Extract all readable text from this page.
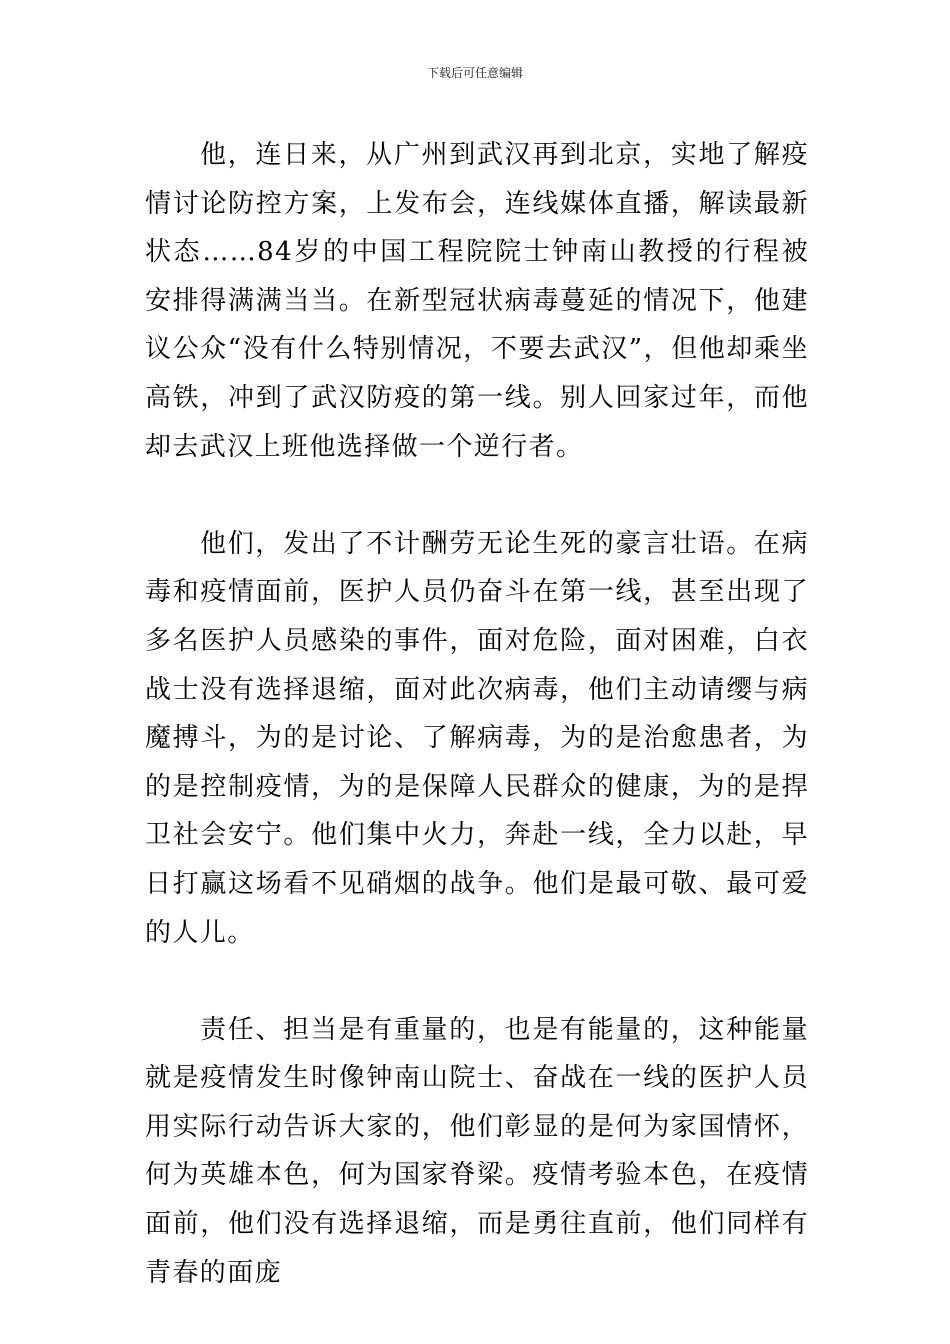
下载后可任意编辑

他，连日来，从广州到武汉再到北京，实地了解疫情讨论防控方案，上发布会，连线媒体直播，解读最新状态……84岁的中国工程院院士钟南山教授的行程被安排得满满当当。在新型冠状病毒蔓延的情况下，他建议公众“没有什么特别情况，不要去武汉”，但他却乘坐高铁，冲到了武汉防疫的第一线。别人回家过年，而他却去武汉上班他选择做一个逆行者。

他们，发出了不计酬劳无论生死的豪言壮语。在病毒和疫情面前，医护人员仍奋斗在第一线，甚至出现了多名医护人员感染的事件，面对危险，面对困难，白衣战士没有选择退缩，面对此次病毒，他们主动请缨与病魔搏斗，为的是讨论、了解病毒，为的是治愈患者，为的是控制疫情，为的是保障人民群众的健康，为的是捍卫社会安宁。他们集中火力，奔赴一线，全力以赴，早日打赢这场看不见硝烟的战争。他们是最可敬、最可爱的人儿。

责任、担当是有重量的，也是有能量的，这种能量就是疫情发生时像钟南山院士、奋战在一线的医护人员用实际行动告诉大家的，他们彰显的是何为家国情怀，何为英雄本色，何为国家脊梁。疫情考验本色，在疫情面前，他们没有选择退缩，而是勇往直前，他们同样有青春的面庞
